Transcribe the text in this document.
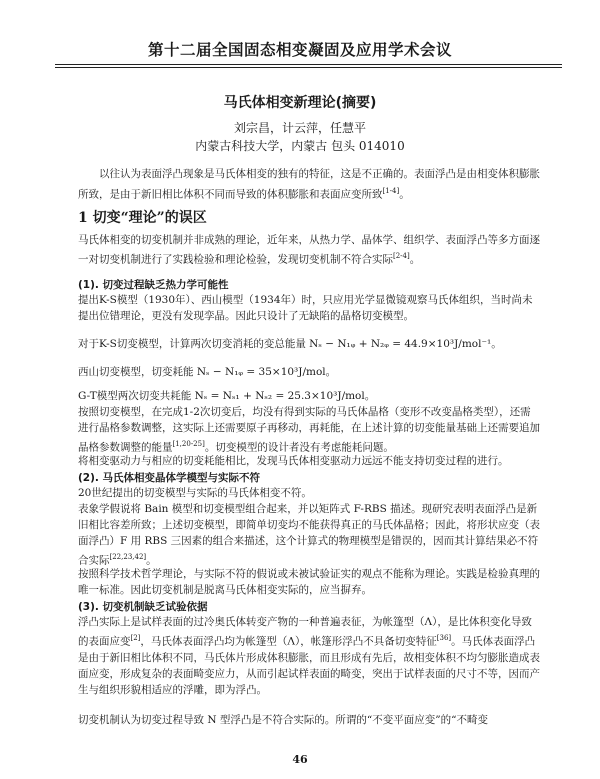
第十二届全国固态相变凝固及应用学术会议
马氏体相变新理论(摘要)
刘宗昌，计云萍，任慧平
内蒙古科技大学，内蒙古 包头 014010

  以往认为表面浮凸现象是马氏体相变的独有的特征，这是不正确的。表面浮凸是由相变体积膨胀所致，是由于新旧相比体积不同而导致的体积膨胀和表面应变所致[1-4]。

1 切变“理论”的误区

马氏体相变的切变机制并非成熟的理论，近年来，从热力学、晶体学、组织学、表面浮凸等多方面逐一对切变机制进行了实践检验和理论检验，发现切变机制不符合实际[2-4]。

(1). 切变过程缺乏热力学可能性

提出K-S模型（1930年）、西山模型（1934年）时，只应用光学显微镜观察马氏体组织，当时尚未提出位错理论，更没有发现孪晶。因此只设计了无缺陷的晶格切变模型。

对于K-S切变模型，计算两次切变消耗的变总能量 Nₛ − N₁ᵩ + N₂ᵩ = 44.9×10³J/mol⁻¹。

西山切变模型，切变耗能 Nₛ − N₁ᵩ = 35×10³J/mol。

G-T模型两次切变共耗能 Nₛ = Nₛ₁ + Nₛ₂ = 25.3×10³J/mol。

按照切变模型，在完成1-2次切变后，均没有得到实际的马氏体晶格（变形不改变晶格类型），还需进行晶格参数调整，这实际上还需要原子再移动，再耗能，在上述计算的切变能量基础上还需要追加晶格参数调整的能量[1,20-25]。切变模型的设计者没有考虑能耗问题。

将相变驱动力与相应的切变耗能相比，发现马氏体相变驱动力远远不能支持切变过程的进行。

(2). 马氏体相变晶体学模型与实际不符

20世纪提出的切变模型与实际的马氏体相变不符。

表象学假说将 Bain 模型和切变模型组合起来，并以矩阵式 F-RBS 描述。现研究表明表面浮凸是新旧相比容差所致；上述切变模型，即简单切变均不能获得真正的马氏体晶格；因此，将形状应变（表面浮凸）F 用 RBS 三因素的组合来描述，这个计算式的物理模型是错误的，因而其计算结果必不符合实际[22,23,42]。

按照科学技术哲学理论，与实际不符的假说或未被试验证实的观点不能称为理论。实践是检验真理的唯一标准。因此切变机制是脱离马氏体相变实际的，应当摒弃。

(3). 切变机制缺乏试验依据

浮凸实际上是试样表面的过冷奥氏体转变产物的一种普遍表征，为帐篷型（Λ），是比体积变化导致的表面应变[2]，马氏体表面浮凸均为帐篷型（Λ），帐篷形浮凸不具备切变特征[36]。马氏体表面浮凸是由于新旧相比体积不同，马氏体片形成体积膨胀，而且形成有先后，故相变体积不均匀膨胀造成表面应变，形成复杂的表面畸变应力，从而引起试样表面的畸变，突出于试样表面的尺寸不等，因而产生与组织形貌相适应的浮雕，即为浮凸。

切变机制认为切变过程导致 N 型浮凸是不符合实际的。所谓的“不变平面应变”的“不畸变

46
